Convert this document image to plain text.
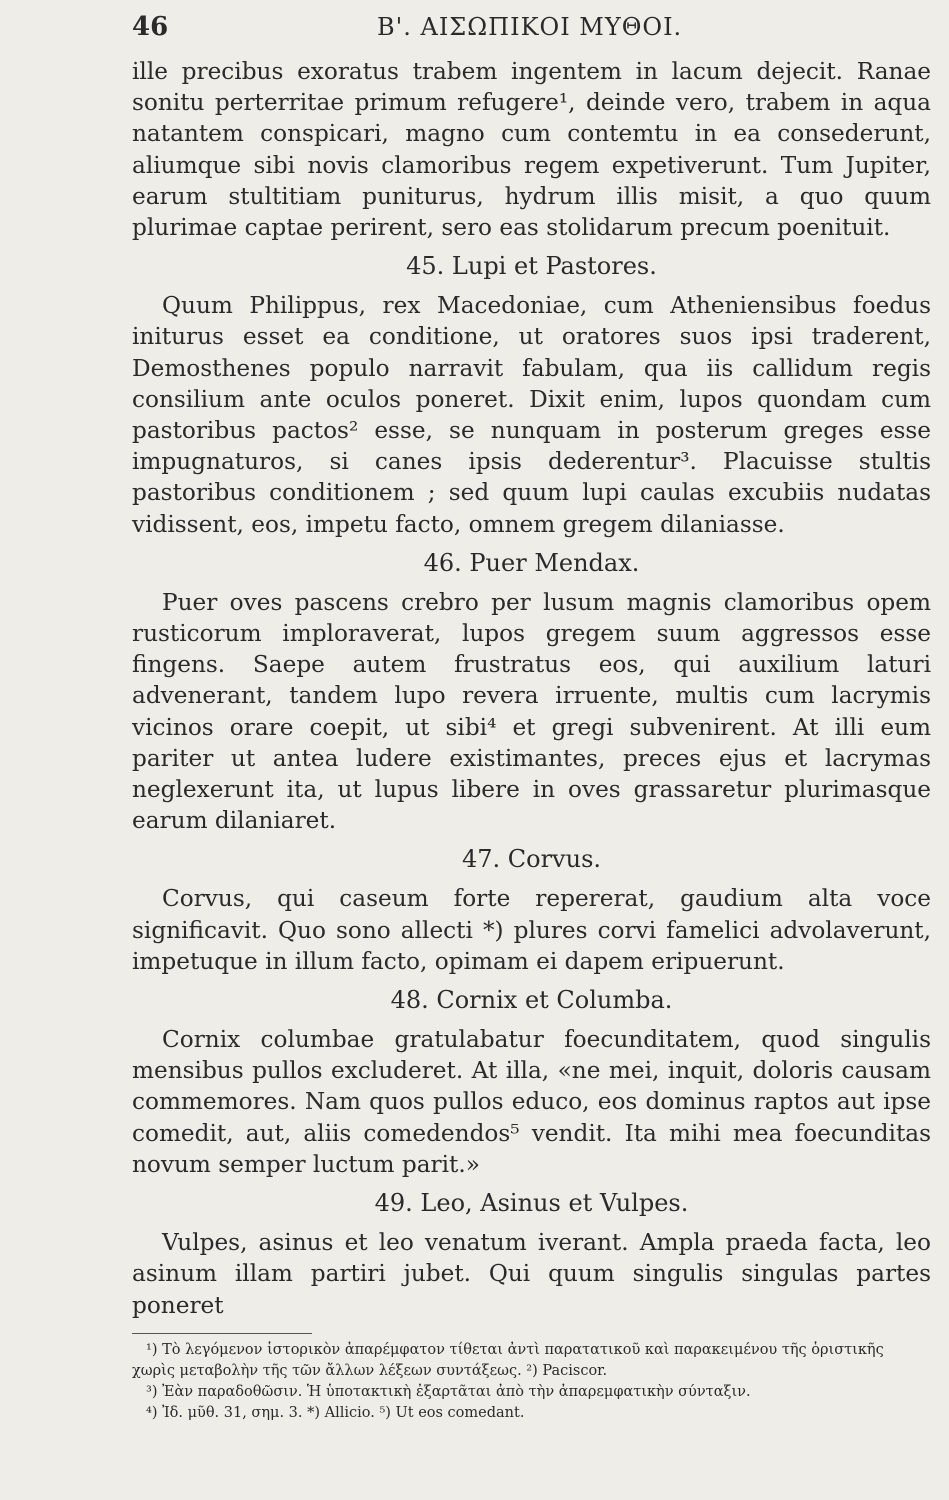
46	Β'. ΑΙΣΩΠΙΚΟΙ ΜΥΘΟΙ.

ille precibus exoratus trabem ingentem in lacum dejecit. Ranae sonitu perterritae primum refugere¹, deinde vero, trabem in aqua natantem conspicari, magno cum contemtu in ea consederunt, aliumque sibi novis clamoribus regem expetiverunt. Tum Jupiter, earum stultitiam puniturus, hydrum illis misit, a quo quum plurimae captae perirent, sero eas stolidarum precum poenituit.

45. Lupi et Pastores.

Quum Philippus, rex Macedoniae, cum Atheniensibus foedus initurus esset ea conditione, ut oratores suos ipsi traderent, Demosthenes populo narravit fabulam, qua iis callidum regis consilium ante oculos poneret. Dixit enim, lupos quondam cum pastoribus pactos² esse, se nunquam in posterum greges esse impugnaturos, si canes ipsis dederentur³. Placuisse stultis pastoribus conditionem ; sed quum lupi caulas excubiis nudatas vidissent, eos, impetu facto, omnem gregem dilaniasse.

46. Puer Mendax.

Puer oves pascens crebro per lusum magnis clamoribus opem rusticorum imploraverat, lupos gregem suum aggressos esse fingens. Saepe autem frustratus eos, qui auxilium laturi advenerant, tandem lupo revera irruente, multis cum lacrymis vicinos orare coepit, ut sibi⁴ et gregi subvenirent. At illi eum pariter ut antea ludere existimantes, preces ejus et lacrymas neglexerunt ita, ut lupus libere in oves grassaretur plurimasque earum dilaniaret.

47. Corvus.

Corvus, qui caseum forte repererat, gaudium alta voce significavit. Quo sono allecti *) plures corvi famelici advolaverunt, impetuque in illum facto, opimam ei dapem eripuerunt.

48. Cornix et Columba.

Cornix columbae gratulabatur foecunditatem, quod singulis mensibus pullos excluderet. At illa, «ne mei, inquit, doloris causam commemores. Nam quos pullos educo, eos dominus raptos aut ipse comedit, aut, aliis comedendos⁵ vendit. Ita mihi mea foecunditas novum semper luctum parit.»

49. Leo, Asinus et Vulpes.

Vulpes, asinus et leo venatum iverant. Ampla praeda facta, leo asinum illam partiri jubet. Qui quum singulis singulas partes poneret

¹) Τὸ λεγόμενον ἱστορικὸν ἀπαρέμφατον τίθεται ἀντὶ παρατατικοῦ καὶ παρακειμένου τῆς ὁριστικῆς χωρὶς μεταβολὴν τῆς τῶν ἄλλων λέξεων συντάξεως. ²) Paciscor.

³) Ἐὰν παραδοθῶσιν. Ἡ ὑποτακτικὴ ἐξαρτᾶται ἀπὸ τὴν ἀπαρεμφατικὴν σύνταξιν.

⁴) Ἰδ. μῦθ. 31, σημ. 3. *) Allicio. ⁵) Ut eos comedant.
